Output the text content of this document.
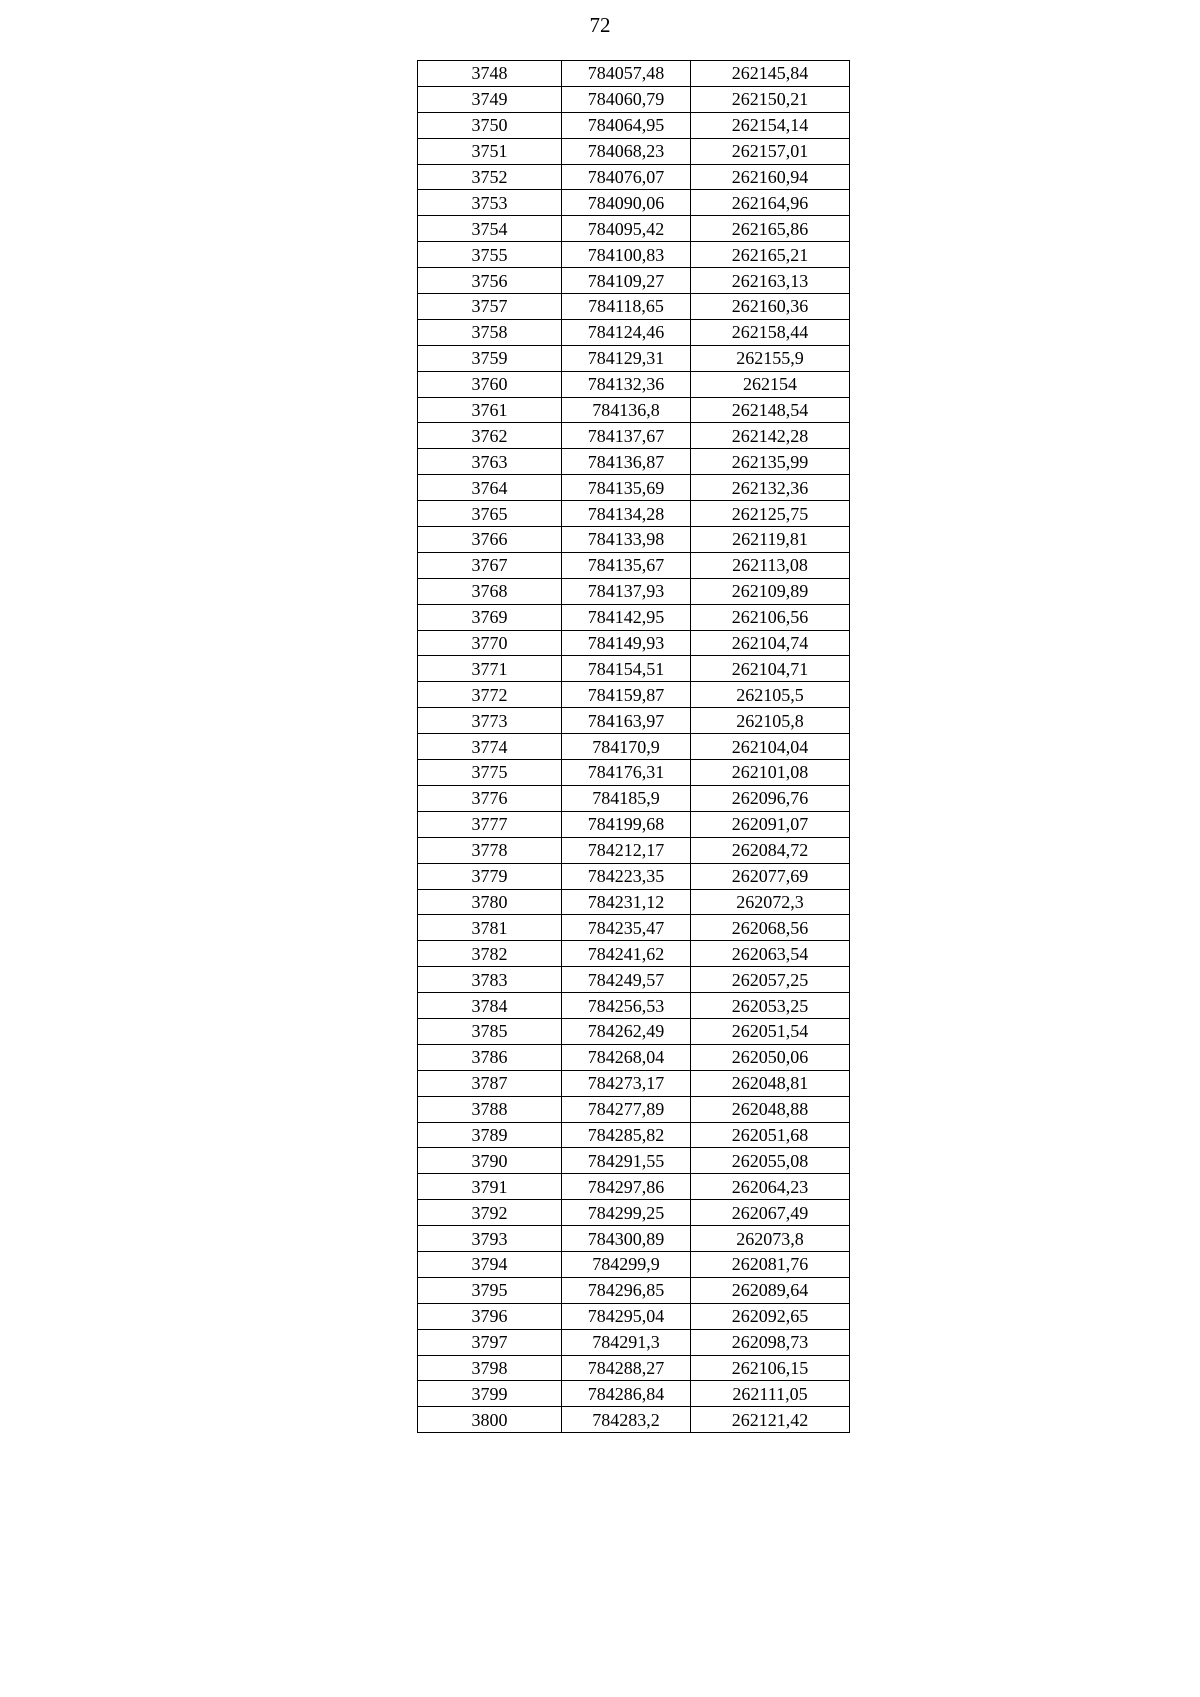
72
3748	784057,48	262145,84
3749	784060,79	262150,21
3750	784064,95	262154,14
3751	784068,23	262157,01
3752	784076,07	262160,94
3753	784090,06	262164,96
3754	784095,42	262165,86
3755	784100,83	262165,21
3756	784109,27	262163,13
3757	784118,65	262160,36
3758	784124,46	262158,44
3759	784129,31	262155,9
3760	784132,36	262154
3761	784136,8	262148,54
3762	784137,67	262142,28
3763	784136,87	262135,99
3764	784135,69	262132,36
3765	784134,28	262125,75
3766	784133,98	262119,81
3767	784135,67	262113,08
3768	784137,93	262109,89
3769	784142,95	262106,56
3770	784149,93	262104,74
3771	784154,51	262104,71
3772	784159,87	262105,5
3773	784163,97	262105,8
3774	784170,9	262104,04
3775	784176,31	262101,08
3776	784185,9	262096,76
3777	784199,68	262091,07
3778	784212,17	262084,72
3779	784223,35	262077,69
3780	784231,12	262072,3
3781	784235,47	262068,56
3782	784241,62	262063,54
3783	784249,57	262057,25
3784	784256,53	262053,25
3785	784262,49	262051,54
3786	784268,04	262050,06
3787	784273,17	262048,81
3788	784277,89	262048,88
3789	784285,82	262051,68
3790	784291,55	262055,08
3791	784297,86	262064,23
3792	784299,25	262067,49
3793	784300,89	262073,8
3794	784299,9	262081,76
3795	784296,85	262089,64
3796	784295,04	262092,65
3797	784291,3	262098,73
3798	784288,27	262106,15
3799	784286,84	262111,05
3800	784283,2	262121,42
